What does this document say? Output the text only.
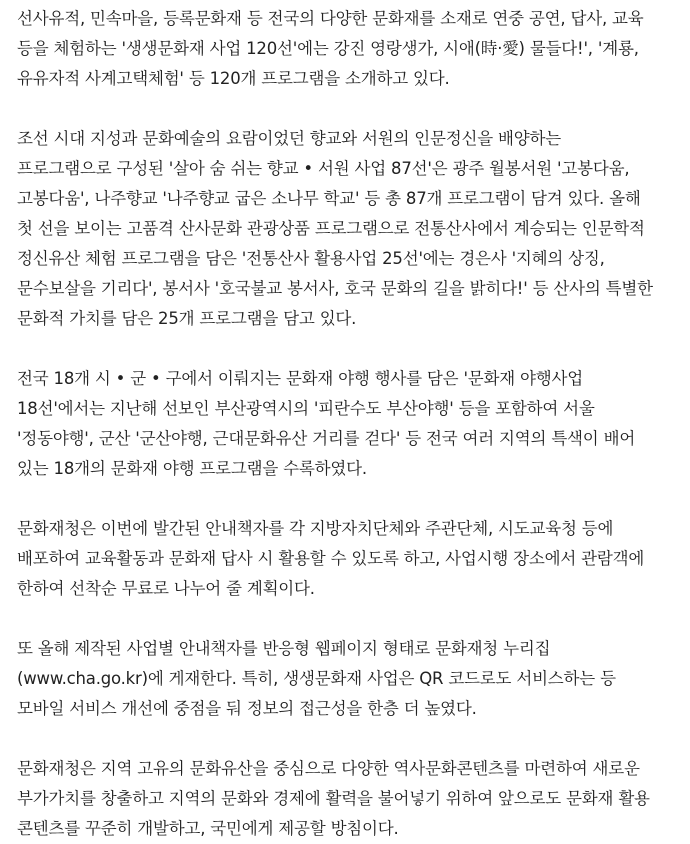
선사유적, 민속마을, 등록문화재 등 전국의 다양한 문화재를 소재로 연중 공연, 답사, 교육 등을 체험하는 '생생문화재 사업 120선'에는 강진 영랑생가, 시애(時·愛) 물들다!', '계룡, 유유자적 사계고택체험' 등 120개 프로그램을 소개하고 있다.

조선 시대 지성과 문화예술의 요람이었던 향교와 서원의 인문정신을 배양하는 프로그램으로 구성된 '살아 숨 쉬는 향교 • 서원 사업 87선'은 광주 월봉서원 '고봉다움, 고봉다움', 나주향교 '나주향교 굽은 소나무 학교' 등 총 87개 프로그램이 담겨 있다. 올해 첫 선을 보이는 고품격 산사문화 관광상품 프로그램으로 전통산사에서 계승되는 인문학적 정신유산 체험 프로그램을 담은 '전통산사 활용사업 25선'에는 경은사 '지혜의 상징, 문수보살을 기리다', 봉서사 '호국불교 봉서사, 호국 문화의 길을 밝히다!' 등 산사의 특별한 문화적 가치를 담은 25개 프로그램을 담고 있다.

전국 18개 시 • 군 • 구에서 이뤄지는 문화재 야행 행사를 담은 '문화재 야행사업 18선'에서는 지난해 선보인 부산광역시의 '피란수도 부산야행' 등을 포함하여 서울 '정동야행', 군산 '군산야행, 근대문화유산 거리를 걷다' 등 전국 여러 지역의 특색이 배어 있는 18개의 문화재 야행 프로그램을 수록하였다.

문화재청은 이번에 발간된 안내책자를 각 지방자치단체와 주관단체, 시도교육청 등에 배포하여 교육활동과 문화재 답사 시 활용할 수 있도록 하고, 사업시행 장소에서 관람객에 한하여 선착순 무료로 나누어 줄 계획이다.

또 올해 제작된 사업별 안내책자를 반응형 웹페이지 형태로 문화재청 누리집(www.cha.go.kr)에 게재한다. 특히, 생생문화재 사업은 QR 코드로도 서비스하는 등 모바일 서비스 개선에 중점을 둬 정보의 접근성을 한층 더 높였다.

문화재청은 지역 고유의 문화유산을 중심으로 다양한 역사문화콘텐츠를 마련하여 새로운 부가가치를 창출하고 지역의 문화와 경제에 활력을 불어넣기 위하여 앞으로도 문화재 활용 콘텐츠를 꾸준히 개발하고, 국민에게 제공할 방침이다.
